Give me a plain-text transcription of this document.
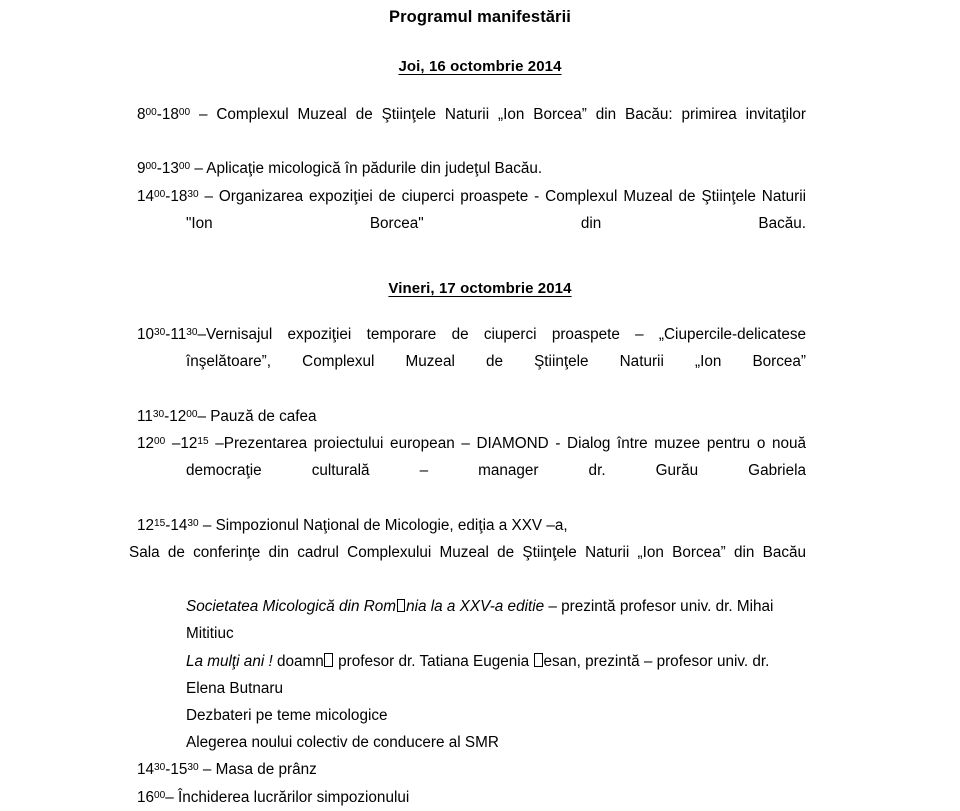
Programul manifestării
Joi, 16 octombrie 2014

$8^{00}-18^{00}$ – Complexul Muzeal de Ştiinţele Naturii „Ion Borcea” din Bacău: primirea invitaţilor

$9^{00}-13^{00}$ – Aplicaţie micologică în pădurile din judeţul Bacău.

$14^{00}-18^{30}$ – Organizarea expoziţiei de ciuperci proaspete - Complexul Muzeal de Ştiinţele Naturii "Ion Borcea" din Bacău.

Vineri, 17 octombrie 2014

$10^{30}-11^{30}$–Vernisajul expoziţiei temporare de ciuperci proaspete – „Ciupercile-delicatese înşelătoare”, Complexul Muzeal de Ştiinţele Naturii „Ion Borcea”

$11^{30}-12^{00}-$ Pauză de cafea

$12^{00}$ $-12^{15}$ –Prezentarea proiectului european – DIAMOND - Dialog între muzee pentru o nouă democraţie culturală – manager dr. Gurău Gabriela

$12^{15}-14^{30}$ – Simpozionul Naţional de Micologie, ediţia a XXV –a,

Sala de conferinţe din cadrul Complexului Muzeal de Ştiinţele Naturii „Ion Borcea” din Bacău

Societatea Micologică din Rom nia la a XXV-a editie – prezintă profesor univ. dr. Mihai Mititiuc

La mulţi ani ! doamn profesor dr. Tatiana Eugenia esan, prezintă – profesor univ. dr. Elena Butnaru

Dezbateri pe teme micologice

Alegerea noului colectiv de conducere al SMR

$14^{30}-15^{30}$ – Masa de prânz

$16^{00}-$ Închiderea lucrărilor simpozionului
